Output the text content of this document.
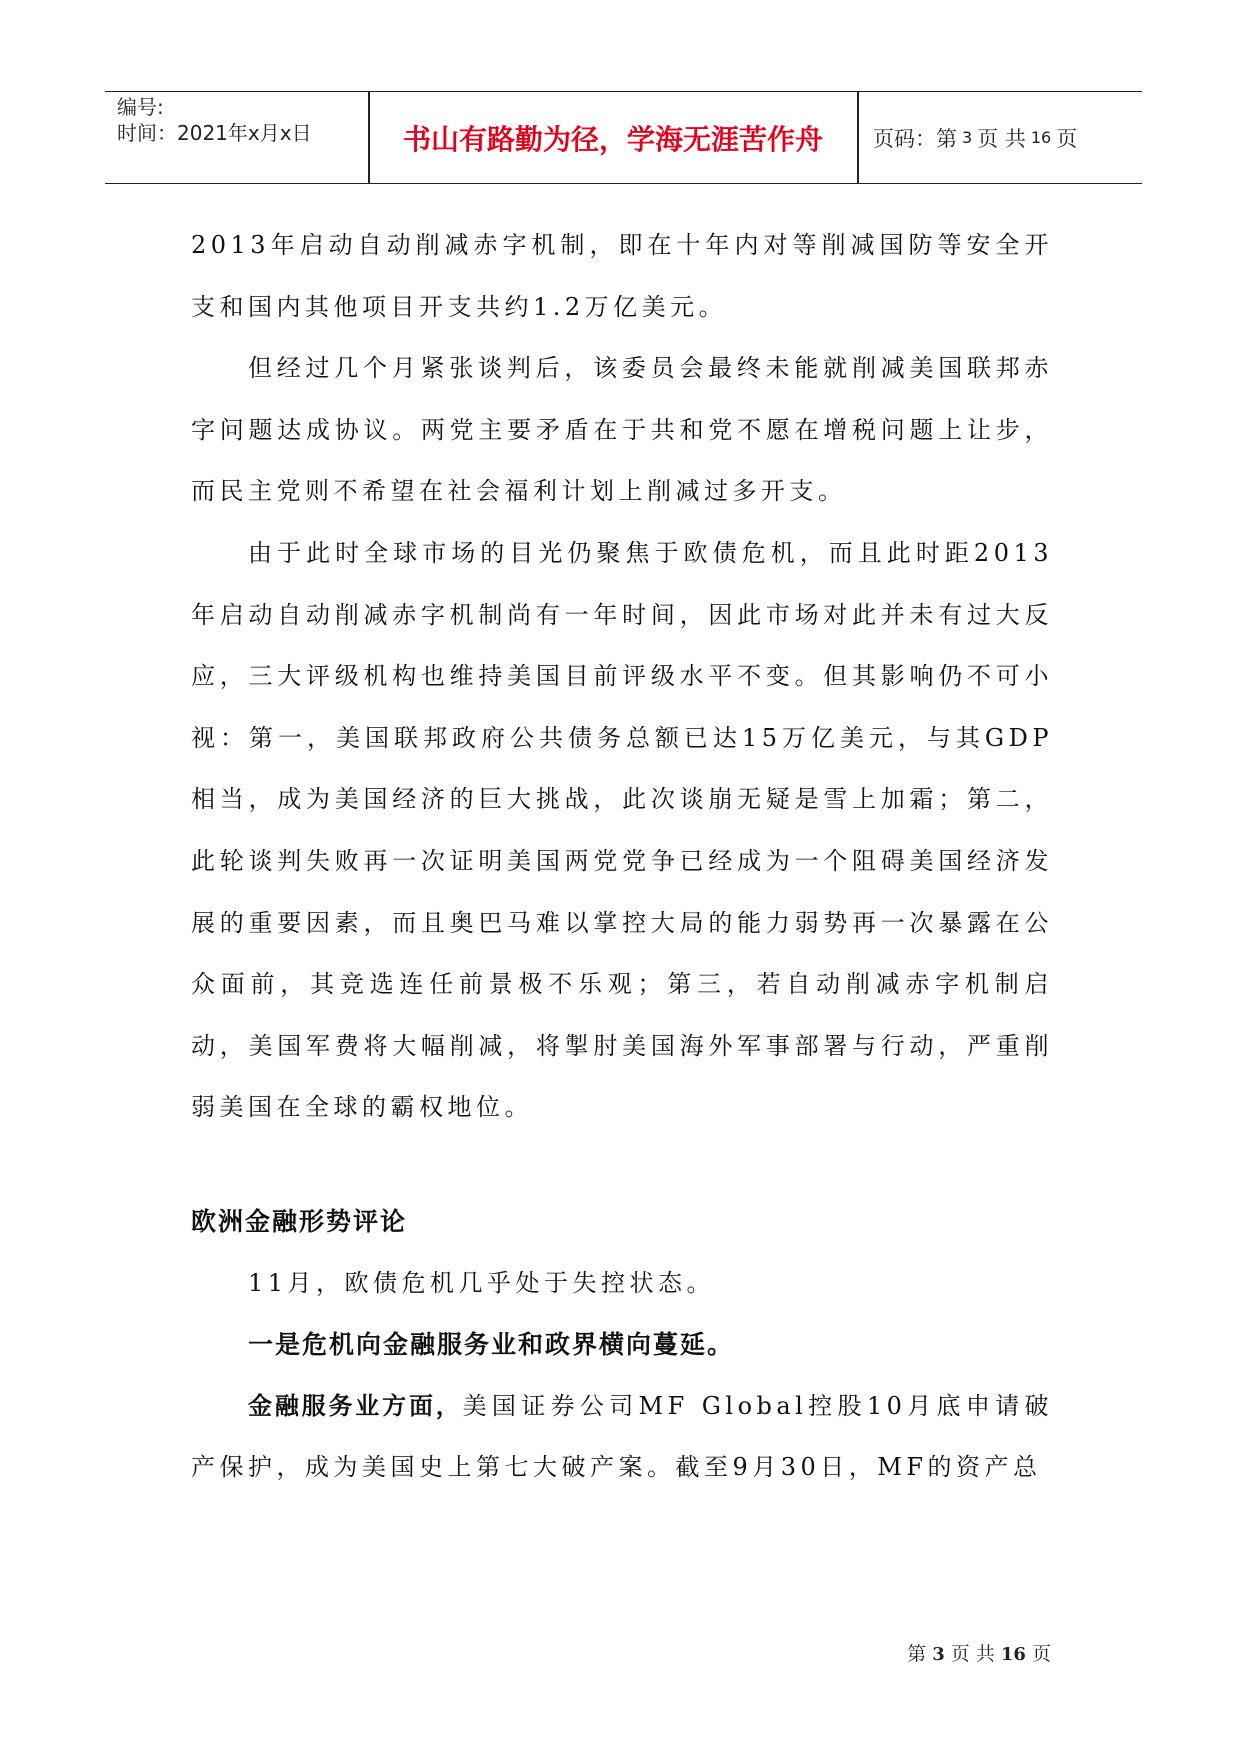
编号:
时间：2021年x月x日	书山有路勤为径，学海无涯苦作舟	页码：第 3 页 共 16 页

2013年启动自动削减赤字机制，即在十年内对等削减国防等安全开支和国内其他项目开支共约1.2万亿美元。

但经过几个月紧张谈判后，该委员会最终未能就削减美国联邦赤字问题达成协议。两党主要矛盾在于共和党不愿在增税问题上让步，而民主党则不希望在社会福利计划上削减过多开支。

由于此时全球市场的目光仍聚焦于欧债危机，而且此时距2013年启动自动削减赤字机制尚有一年时间，因此市场对此并未有过大反应，三大评级机构也维持美国目前评级水平不变。但其影响仍不可小视：第一，美国联邦政府公共债务总额已达15万亿美元，与其GDP相当，成为美国经济的巨大挑战，此次谈崩无疑是雪上加霜；第二，此轮谈判失败再一次证明美国两党党争已经成为一个阻碍美国经济发展的重要因素，而且奥巴马难以掌控大局的能力弱势再一次暴露在公众面前，其竞选连任前景极不乐观；第三，若自动削减赤字机制启动，美国军费将大幅削减，将掣肘美国海外军事部署与行动，严重削弱美国在全球的霸权地位。

欧洲金融形势评论

11月，欧债危机几乎处于失控状态。

一是危机向金融服务业和政界横向蔓延。

金融服务业方面，美国证券公司MF Global控股10月底申请破产保护，成为美国史上第七大破产案。截至9月30日，MF的资产总

第 3 页 共 16 页
